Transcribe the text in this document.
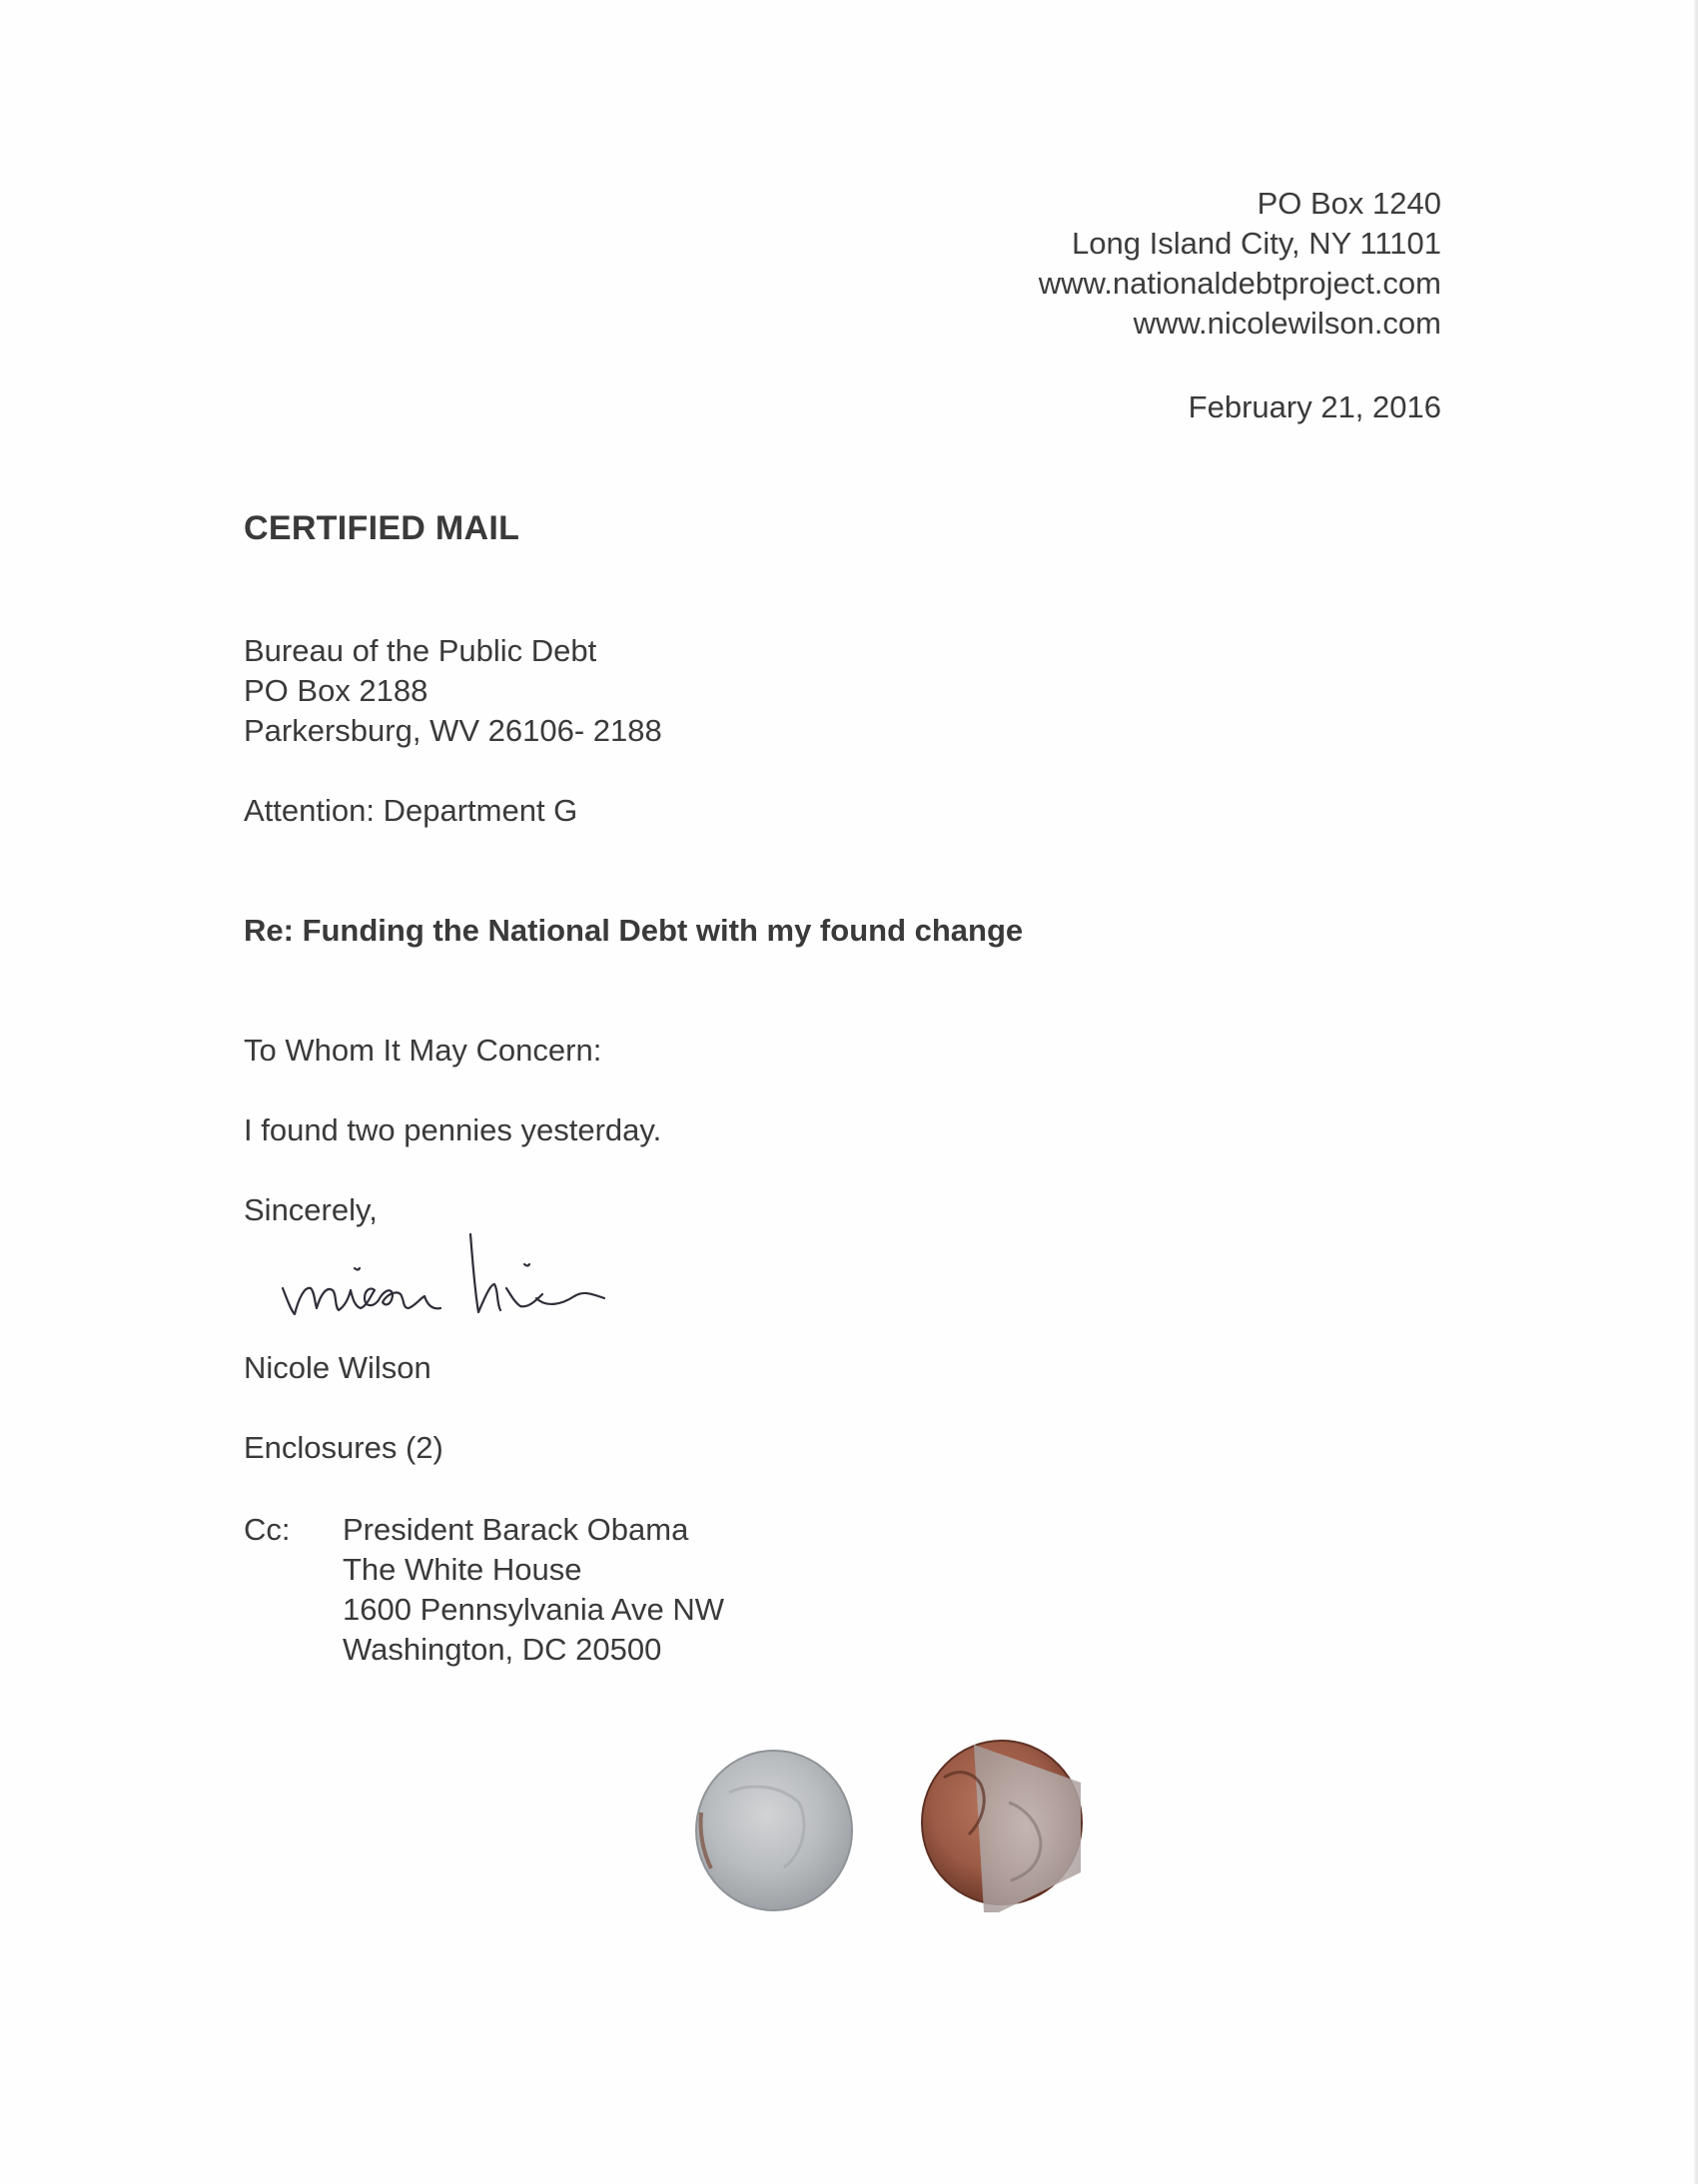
PO Box 1240
Long Island City, NY 11101
www.nationaldebtproject.com
www.nicolewilson.com
February 21, 2016
CERTIFIED MAIL
Bureau of the Public Debt
PO Box 2188
Parkersburg, WV 26106- 2188
Attention: Department G
Re: Funding the National Debt with my found change
To Whom It May Concern:
I found two pennies yesterday.
Sincerely,
Nicole Wilson
Enclosures (2)
Cc:	President Barack Obama
The White House
1600 Pennsylvania Ave NW
Washington, DC 20500
